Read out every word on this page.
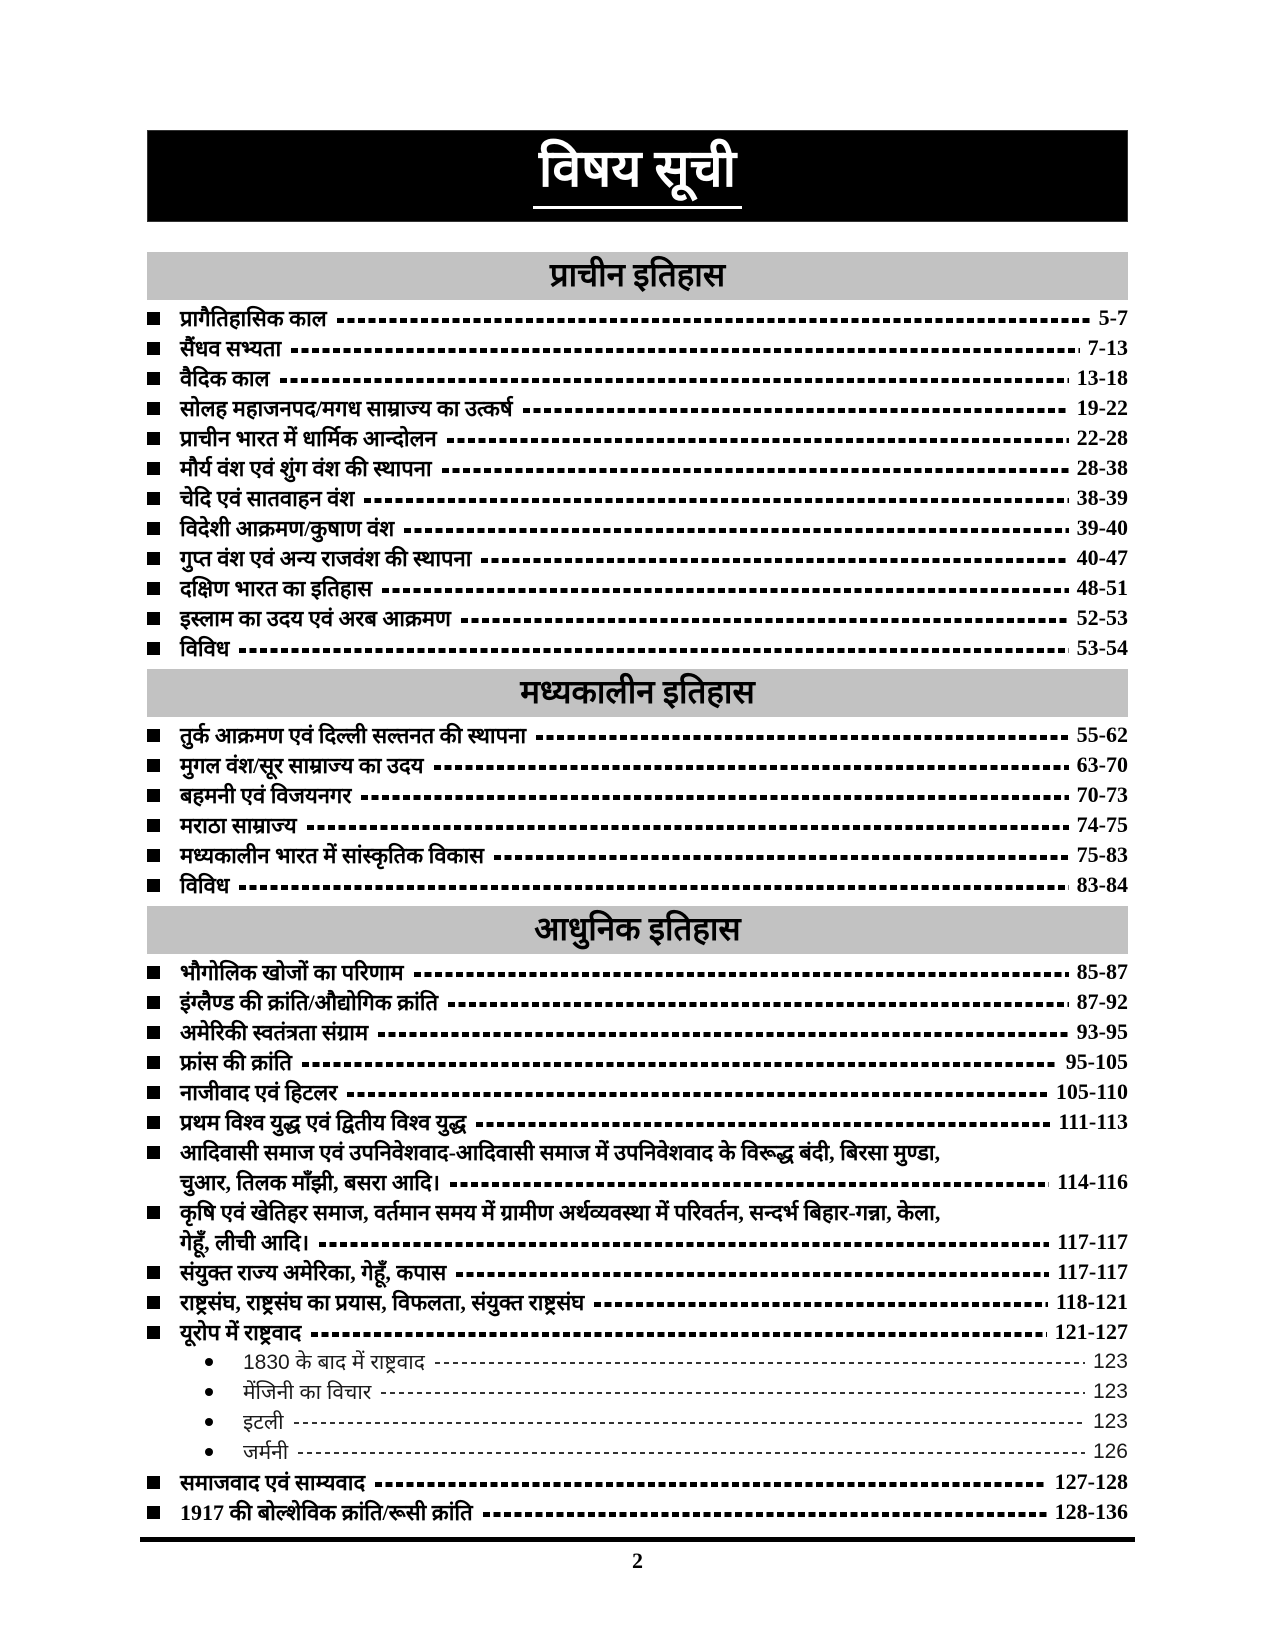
विषय सूची
प्राचीन इतिहास
प्रागैतिहासिक काल	5-7
सैंधव सभ्यता	7-13
वैदिक काल	13-18
सोलह महाजनपद/मगध साम्राज्य का उत्कर्ष	19-22
प्राचीन भारत में धार्मिक आन्दोलन	22-28
मौर्य वंश एवं शुंग वंश की स्थापना	28-38
चेदि एवं सातवाहन वंश	38-39
विदेशी आक्रमण/कुषाण वंश	39-40
गुप्त वंश एवं अन्य राजवंश की स्थापना	40-47
दक्षिण भारत का इतिहास	48-51
इस्लाम का उदय एवं अरब आक्रमण	52-53
विविध	53-54
मध्यकालीन इतिहास
तुर्क आक्रमण एवं दिल्ली सल्तनत की स्थापना	55-62
मुगल वंश/सूर साम्राज्य का उदय	63-70
बहमनी एवं विजयनगर	70-73
मराठा साम्राज्य	74-75
मध्यकालीन भारत में सांस्कृतिक विकास	75-83
विविध	83-84
आधुनिक इतिहास
भौगोलिक खोजों का परिणाम	85-87
इंग्लैण्ड की क्रांति/औद्योगिक क्रांति	87-92
अमेरिकी स्वतंत्रता संग्राम	93-95
फ्रांस की क्रांति	95-105
नाजीवाद एवं हिटलर	105-110
प्रथम विश्व युद्ध एवं द्वितीय विश्व युद्ध	111-113
आदिवासी समाज एवं उपनिवेशवाद-आदिवासी समाज में उपनिवेशवाद के विरूद्ध बंदी, बिरसा मुण्डा,
चुआर, तिलक माँझी, बसरा आदि।	114-116
कृषि एवं खेतिहर समाज, वर्तमान समय में ग्रामीण अर्थव्यवस्था में परिवर्तन, सन्दर्भ बिहार-गन्ना, केला,
गेहूँ, लीची आदि।	117-117
संयुक्त राज्य अमेरिका, गेहूँ, कपास	117-117
राष्ट्रसंघ, राष्ट्रसंघ का प्रयास, विफलता, संयुक्त राष्ट्रसंघ	118-121
यूरोप में राष्ट्रवाद	121-127
1830 के बाद में राष्ट्रवाद	123
मेंजिनी का विचार	123
इटली	123
जर्मनी	126
समाजवाद एवं साम्यवाद	127-128
1917 की बोल्शेविक क्रांति/रूसी क्रांति	128-136
2
